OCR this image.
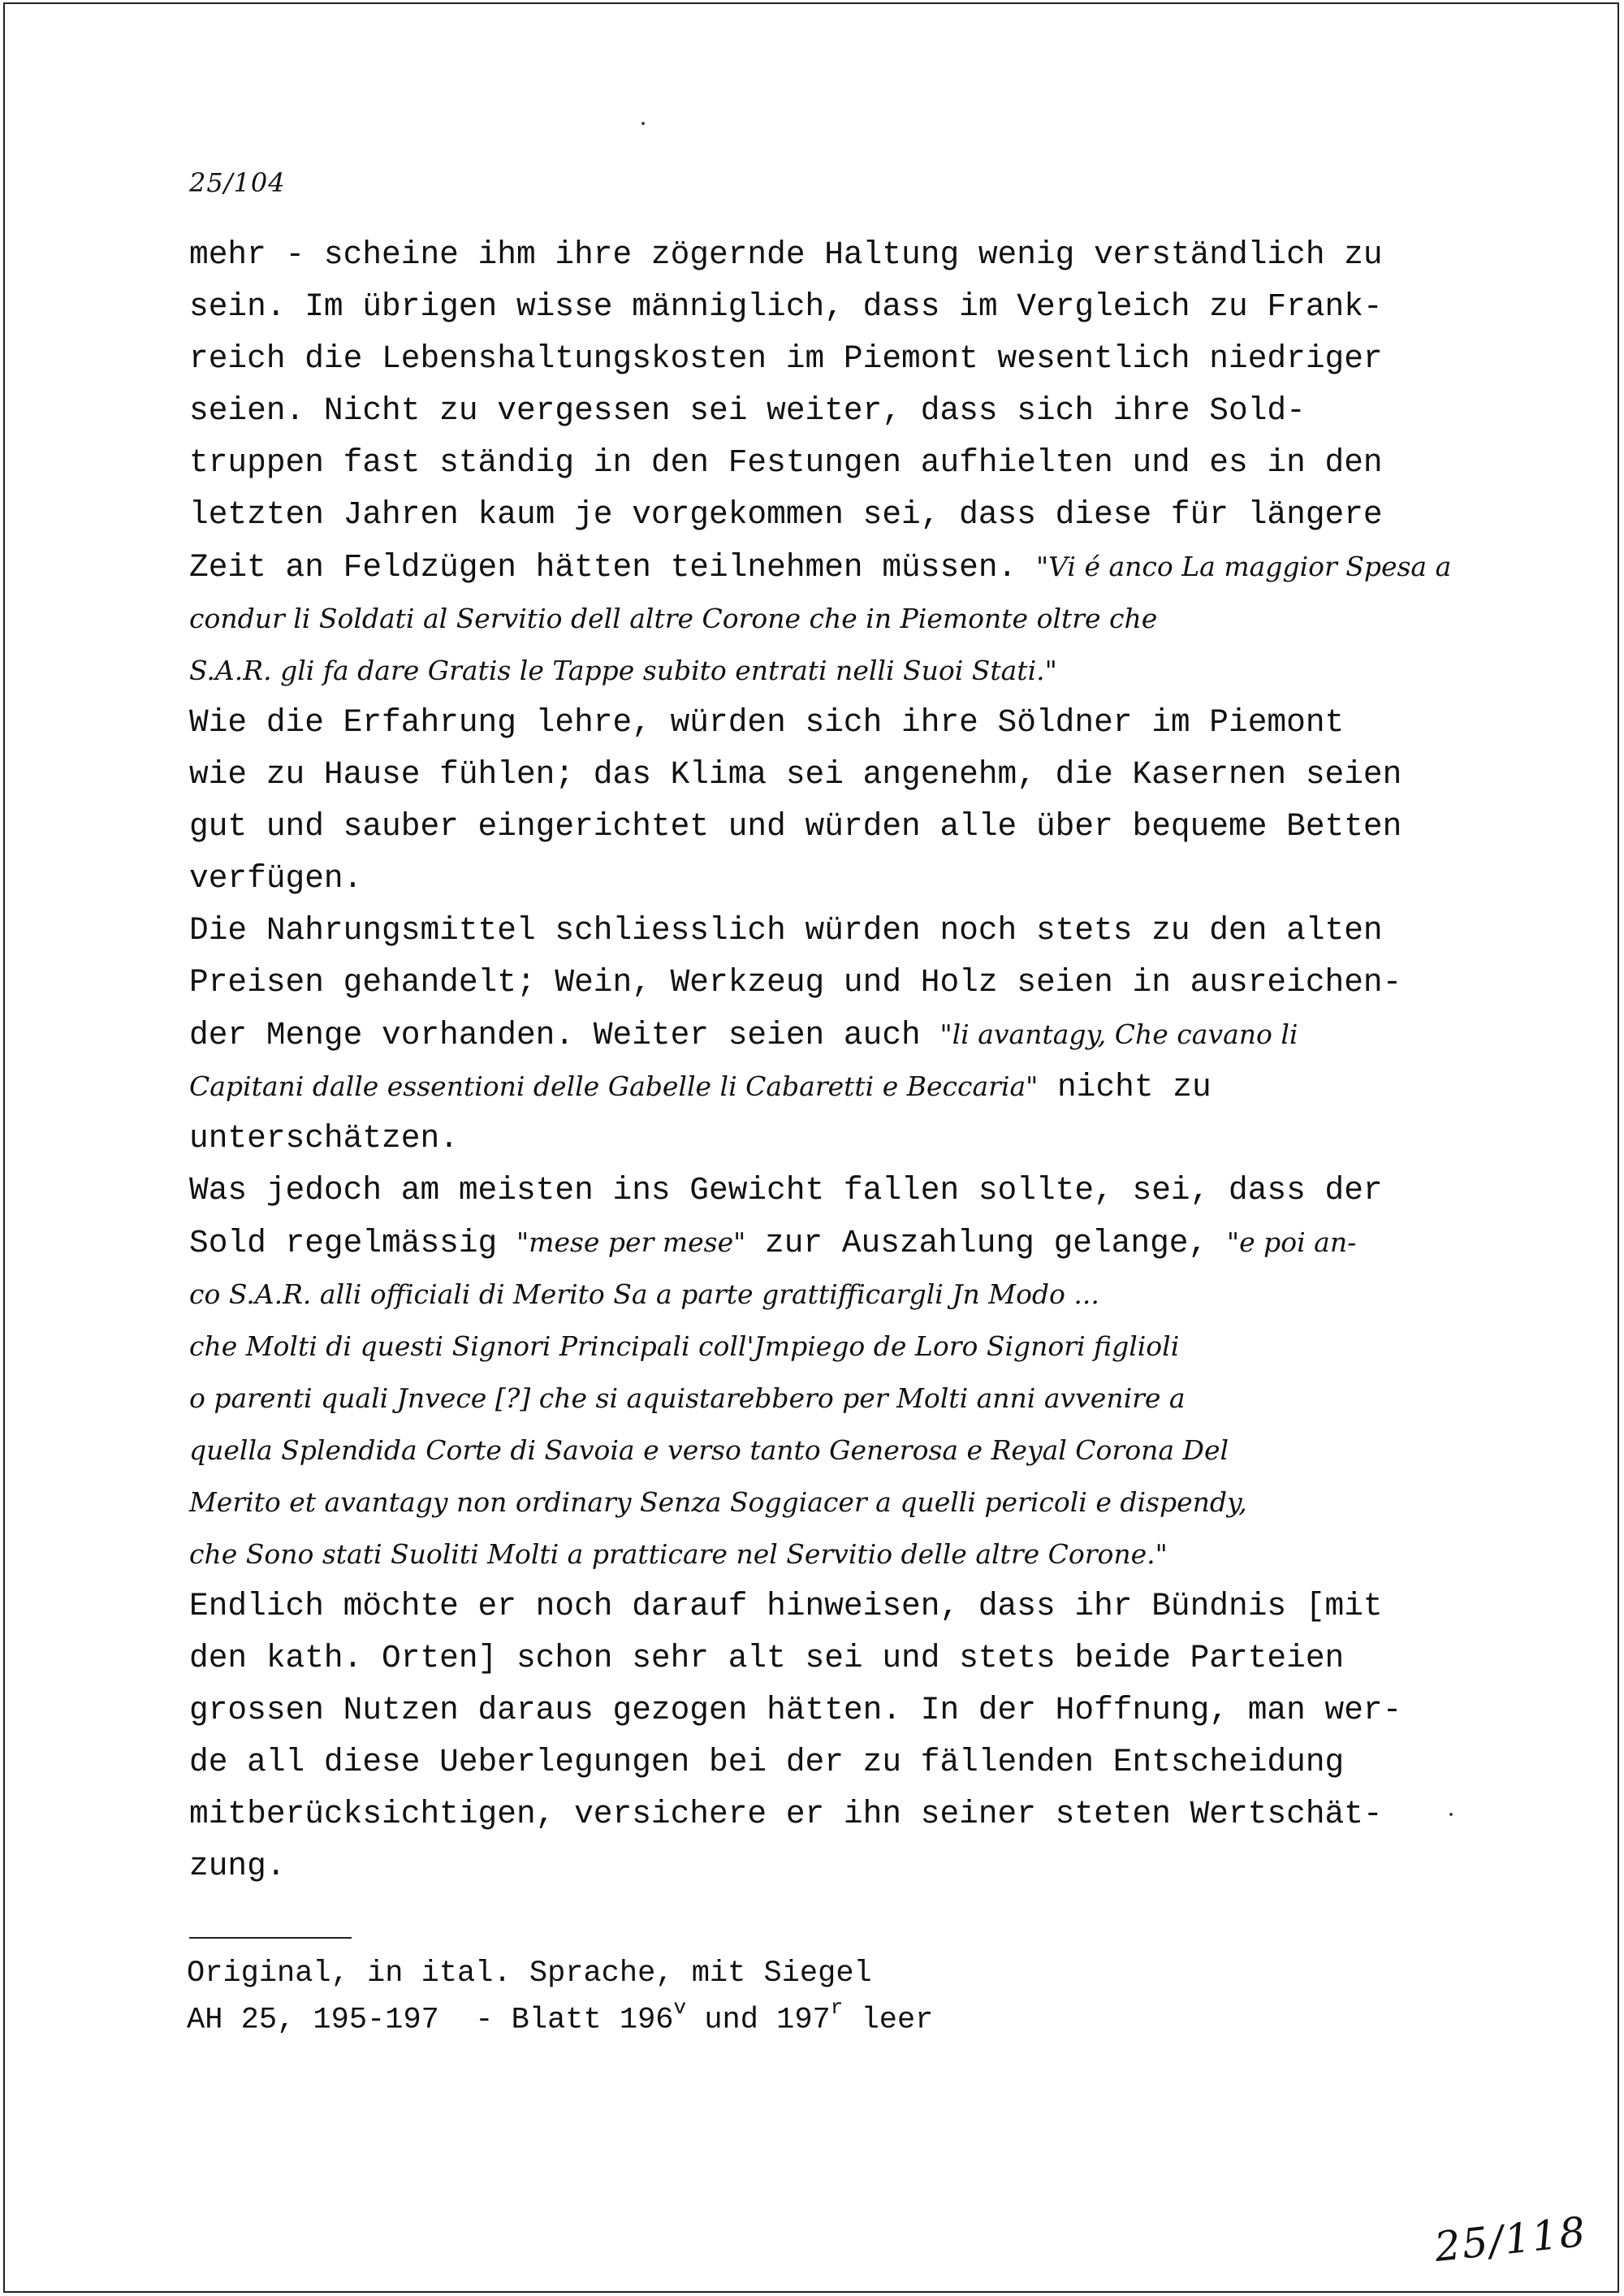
25/104
mehr - scheine ihm ihre zögernde Haltung wenig verständlich zu
sein. Im übrigen wisse männiglich, dass im Vergleich zu Frank-
reich die Lebenshaltungskosten im Piemont wesentlich niedriger
seien. Nicht zu vergessen sei weiter, dass sich ihre Sold-
truppen fast ständig in den Festungen aufhielten und es in den
letzten Jahren kaum je vorgekommen sei, dass diese für längere
Zeit an Feldzügen hätten teilnehmen müssen. "Vi é anco La maggior Spesa a
condur li Soldati al Servitio dell altre Corone che in Piemonte oltre che
S.A.R. gli fa dare Gratis le Tappe subito entrati nelli Suoi Stati."
Wie die Erfahrung lehre, würden sich ihre Söldner im Piemont
wie zu Hause fühlen; das Klima sei angenehm, die Kasernen seien
gut und sauber eingerichtet und würden alle über bequeme Betten
verfügen.
Die Nahrungsmittel schliesslich würden noch stets zu den alten
Preisen gehandelt; Wein, Werkzeug und Holz seien in ausreichen-
der Menge vorhanden. Weiter seien auch "li avantagy, Che cavano li
Capitani dalle essentioni delle Gabelle li Cabaretti e Beccaria" nicht zu
unterschätzen.
Was jedoch am meisten ins Gewicht fallen sollte, sei, dass der
Sold regelmässig "mese per mese" zur Auszahlung gelange, "e poi an-
co S.A.R. alli officiali di Merito Sa a parte grattifficargli Jn Modo ...
che Molti di questi Signori Principali coll'Jmpiego de Loro Signori figlioli
o parenti quali Jnvece [?] che si aquistarebbero per Molti anni avvenire a
quella Splendida Corte di Savoia e verso tanto Generosa e Reyal Corona Del
Merito et avantagy non ordinary Senza Soggiacer a quelli pericoli e dispendy,
che Sono stati Suoliti Molti a pratticare nel Servitio delle altre Corone."
Endlich möchte er noch darauf hinweisen, dass ihr Bündnis [mit
den kath. Orten] schon sehr alt sei und stets beide Parteien
grossen Nutzen daraus gezogen hätten. In der Hoffnung, man wer-
de all diese Ueberlegungen bei der zu fällenden Entscheidung
mitberücksichtigen, versichere er ihn seiner steten Wertschät-
zung.
Original, in ital. Sprache, mit Siegel
AH 25, 195-197  - Blatt 196$^v$ und 197$^r$ leer
25/118
